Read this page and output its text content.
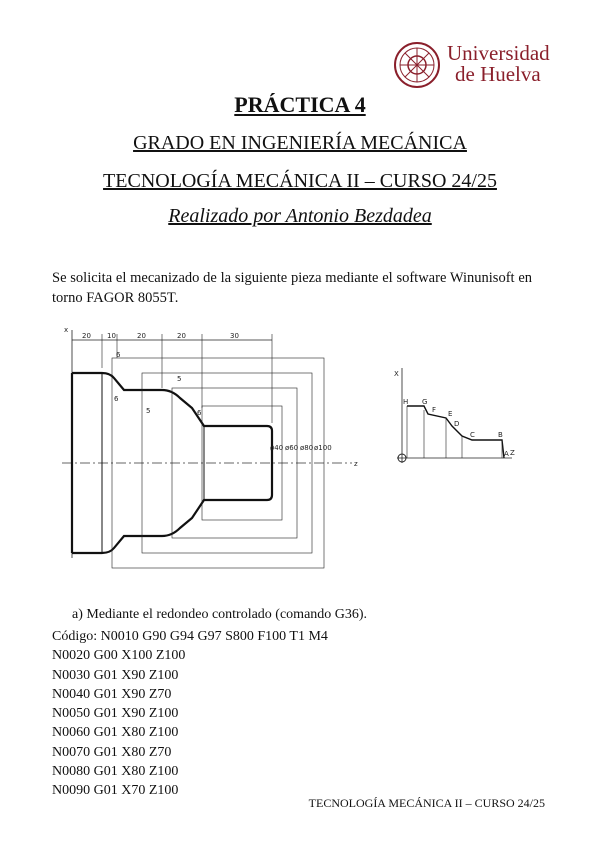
Universidad
de Huelva
PRÁCTICA 4
GRADO EN INGENIERÍA MECÁNICA
TECNOLOGÍA MECÁNICA II – CURSO 24/25
Realizado por Antonio Bezdadea
Se solicita el mecanizado de la siguiente pieza mediante el software Winunisoft en torno FAGOR 8055T.
x
z
20 10	20	20	30
ø40 ø60 ø80 ø100
6
6
5
5	6
X
Z
H G
F E
D
C	B
A
a) Mediante el redondeo controlado (comando G36).
Código: N0010 G90 G94 G97 S800 F100 T1 M4
N0020 G00 X100 Z100
N0030 G01 X90 Z100
N0040 G01 X90 Z70
N0050 G01 X90 Z100
N0060 G01 X80 Z100
N0070 G01 X80 Z70
N0080 G01 X80 Z100
N0090 G01 X70 Z100
TECNOLOGÍA MECÁNICA II – CURSO 24/25
